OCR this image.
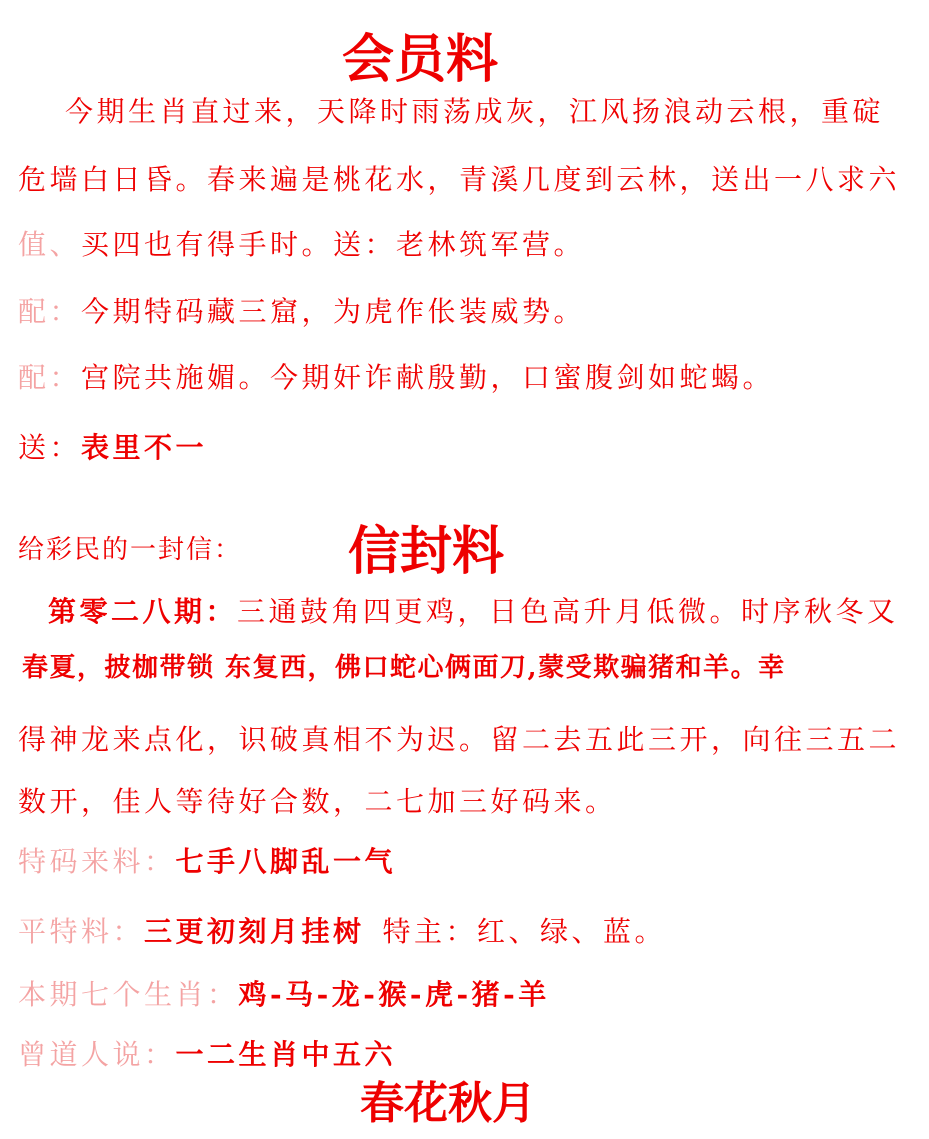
会员料
今期生肖直过来，天降时雨荡成灰，江风扬浪动云根，重碇
危墙白日昏。春来遍是桃花水，青溪几度到云林，送出一八求六
值、买四也有得手时。送：老林筑军营。
配：今期特码藏三窟，为虎作伥装威势。
配：宫院共施媚。今期奸诈献殷勤，口蜜腹剑如蛇蝎。
送：表里不一
给彩民的一封信： 信封料
第零二八期：三通鼓角四更鸡，日色高升月低微。时序秋冬又
春夏，披枷带锁 东复西，佛口蛇心俩面刀,蒙受欺骗猪和羊。幸
得神龙来点化，识破真相不为迟。留二去五此三开，向往三五二
数开，佳人等待好合数，二七加三好码来。
特码来料：七手八脚乱一气
平特料：三更初刻月挂树 特主：红、绿、蓝。
本期七个生肖：鸡-马-龙-猴-虎-猪-羊
曾道人说：一二生肖中五六
春花秋月
